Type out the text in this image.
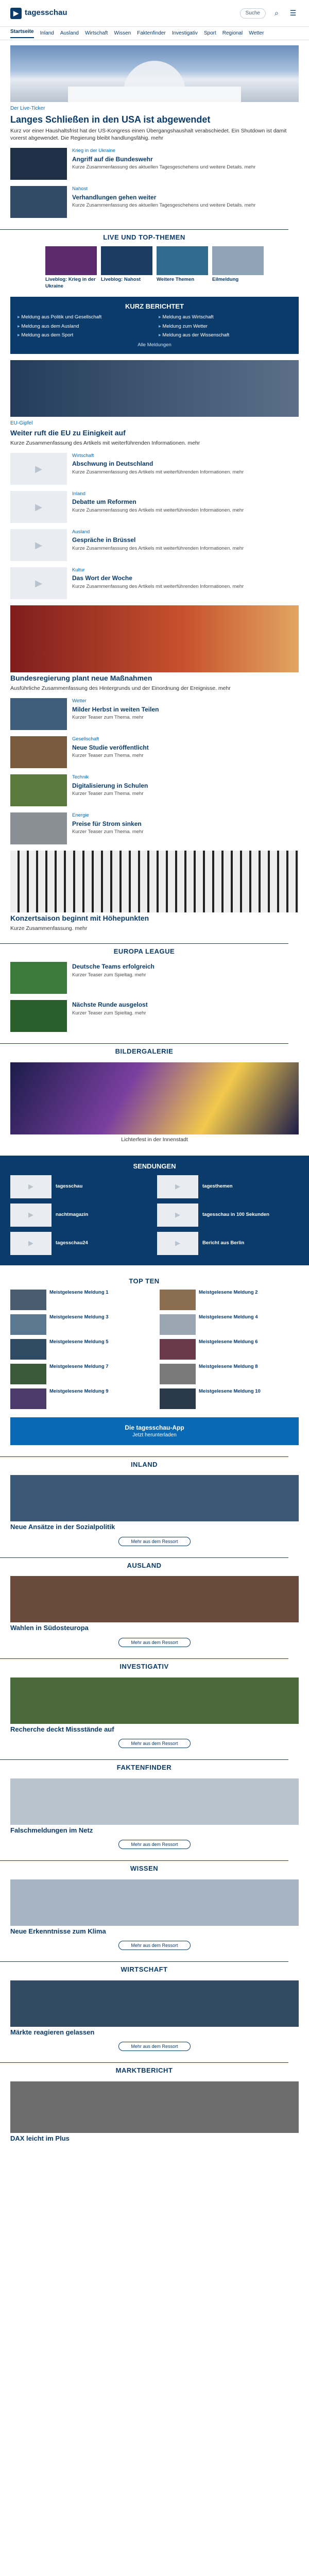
▶ tagesschau	Suche	⌕	☰
Startseite Inland Ausland Wirtschaft Wissen Faktenfinder Investigativ Sport Regional Wetter
Der Live-Ticker
Langes Schließen in den USA ist abgewendet
Kurz vor einer Haushaltsfrist hat der US-Kongress einen Übergangshaushalt verabschiedet. Ein Shutdown ist damit vorerst abgewendet. Die Regierung bleibt handlungsfähig. mehr
Krieg in der Ukraine
Angriff auf die Bundeswehr
Kurze Zusammenfassung des aktuellen Tagesgeschehens und weitere Details. mehr
Nahost
Verhandlungen gehen weiter
Kurze Zusammenfassung des aktuellen Tagesgeschehens und weitere Details. mehr
LIVE UND TOP-THEMEN
Liveblog: Krieg in der Ukraine
Liveblog: Nahost	Weitere Themen	Eilmeldung
KURZ BERICHTET
▸ Meldung aus Politik und Gesellschaft	▸ Meldung aus Wirtschaft
▸ Meldung aus dem Ausland	▸ Meldung zum Wetter
▸ Meldung aus dem Sport	▸ Meldung aus der Wissenschaft
Alle Meldungen
EU-Gipfel
Weiter ruft die EU zu Einigkeit auf
Kurze Zusammenfassung des Artikels mit weiterführenden Informationen. mehr
▶
Wirtschaft
Abschwung in Deutschland
Kurze Zusammenfassung des Artikels mit weiterführenden Informationen. mehr
▶
Inland
Debatte um Reformen
Kurze Zusammenfassung des Artikels mit weiterführenden Informationen. mehr
▶
Ausland
Gespräche in Brüssel
Kurze Zusammenfassung des Artikels mit weiterführenden Informationen. mehr
▶
Kultur
Das Wort der Woche
Kurze Zusammenfassung des Artikels mit weiterführenden Informationen. mehr
Bundesregierung plant neue Maßnahmen
Ausführliche Zusammenfassung des Hintergrunds und der Einordnung der Ereignisse. mehr
Wetter
Milder Herbst in weiten Teilen
Kurzer Teaser zum Thema. mehr
Gesellschaft
Neue Studie veröffentlicht
Kurzer Teaser zum Thema. mehr
Technik
Digitalisierung in Schulen
Kurzer Teaser zum Thema. mehr
Energie
Preise für Strom sinken
Kurzer Teaser zum Thema. mehr
Konzertsaison beginnt mit Höhepunkten
Kurze Zusammenfassung. mehr
EUROPA LEAGUE
Deutsche Teams erfolgreich
Kurzer Teaser zum Spieltag. mehr
Nächste Runde ausgelost
Kurzer Teaser zum Spieltag. mehr
BILDERGALERIE
Lichterfest in der Innenstadt
SENDUNGEN
▶	tagesschau	▶	tagesthemen
▶	nachtmagazin	▶	tagesschau in 100 Sekunden
▶	tagesschau24	▶	Bericht aus Berlin
TOP TEN
Meistgelesene Meldung 1	Meistgelesene Meldung 2
Meistgelesene Meldung 3	Meistgelesene Meldung 4
Meistgelesene Meldung 5	Meistgelesene Meldung 6
Meistgelesene Meldung 7	Meistgelesene Meldung 8
Meistgelesene Meldung 9	Meistgelesene Meldung 10
Die tagesschau-App
Jetzt herunterladen
INLAND
Neue Ansätze in der Sozialpolitik
Mehr aus dem Ressort
AUSLAND
Wahlen in Südosteuropa
Mehr aus dem Ressort
INVESTIGATIV
Recherche deckt Missstände auf
Mehr aus dem Ressort
FAKTENFINDER
Falschmeldungen im Netz
Mehr aus dem Ressort
WISSEN
Neue Erkenntnisse zum Klima
Mehr aus dem Ressort
WIRTSCHAFT
Märkte reagieren gelassen
Mehr aus dem Ressort
MARKTBERICHT
DAX leicht im Plus
